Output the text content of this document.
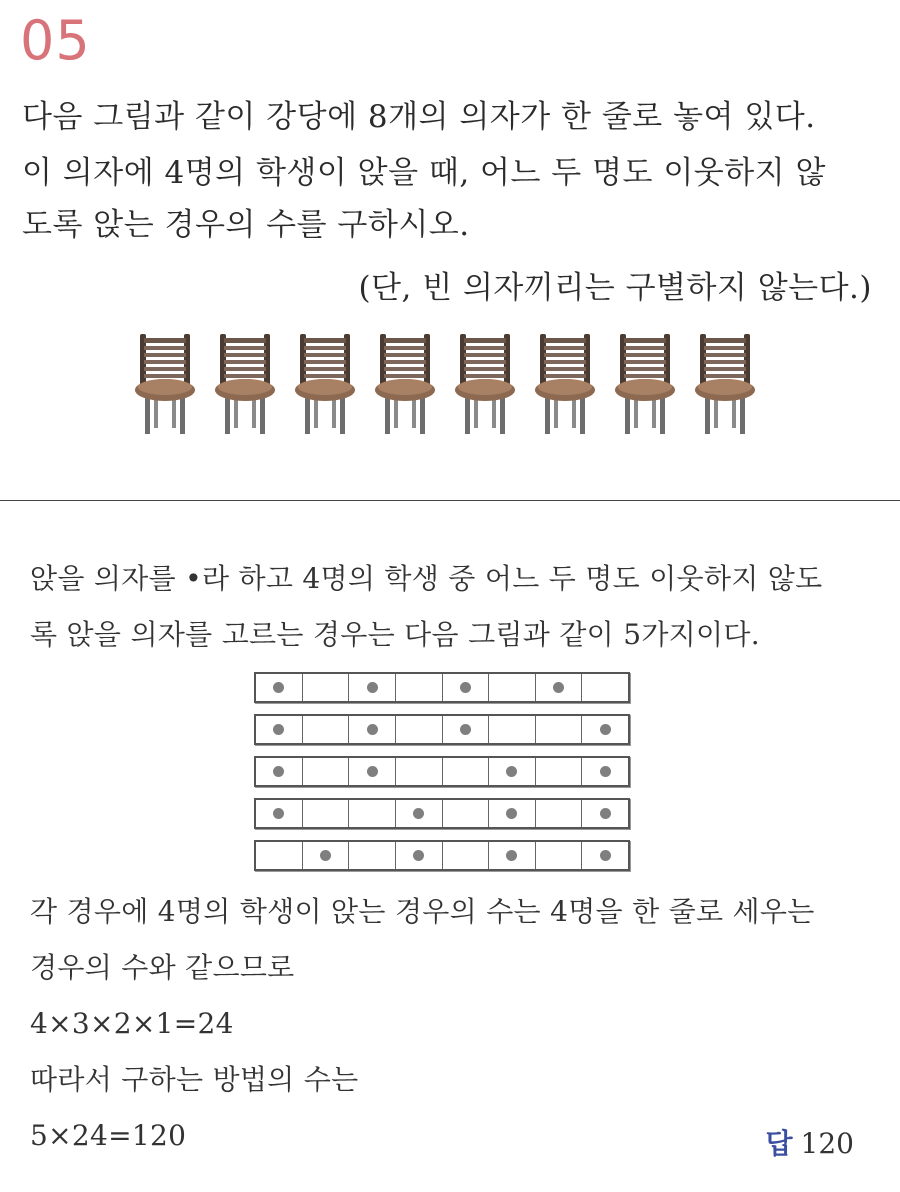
05
다음 그림과 같이 강당에 8개의 의자가 한 줄로 놓여 있다.
이 의자에 4명의 학생이 앉을 때, 어느 두 명도 이웃하지 않
도록 앉는 경우의 수를 구하시오.
(단, 빈 의자끼리는 구별하지 않는다.)
앉을 의자를 •라 하고 4명의 학생 중 어느 두 명도 이웃하지 않도
록 앉을 의자를 고르는 경우는 다음 그림과 같이 5가지이다.
각 경우에 4명의 학생이 앉는 경우의 수는 4명을 한 줄로 세우는
경우의 수와 같으므로
4×3×2×1=24
따라서 구하는 방법의 수는
5×24=120	답 120
